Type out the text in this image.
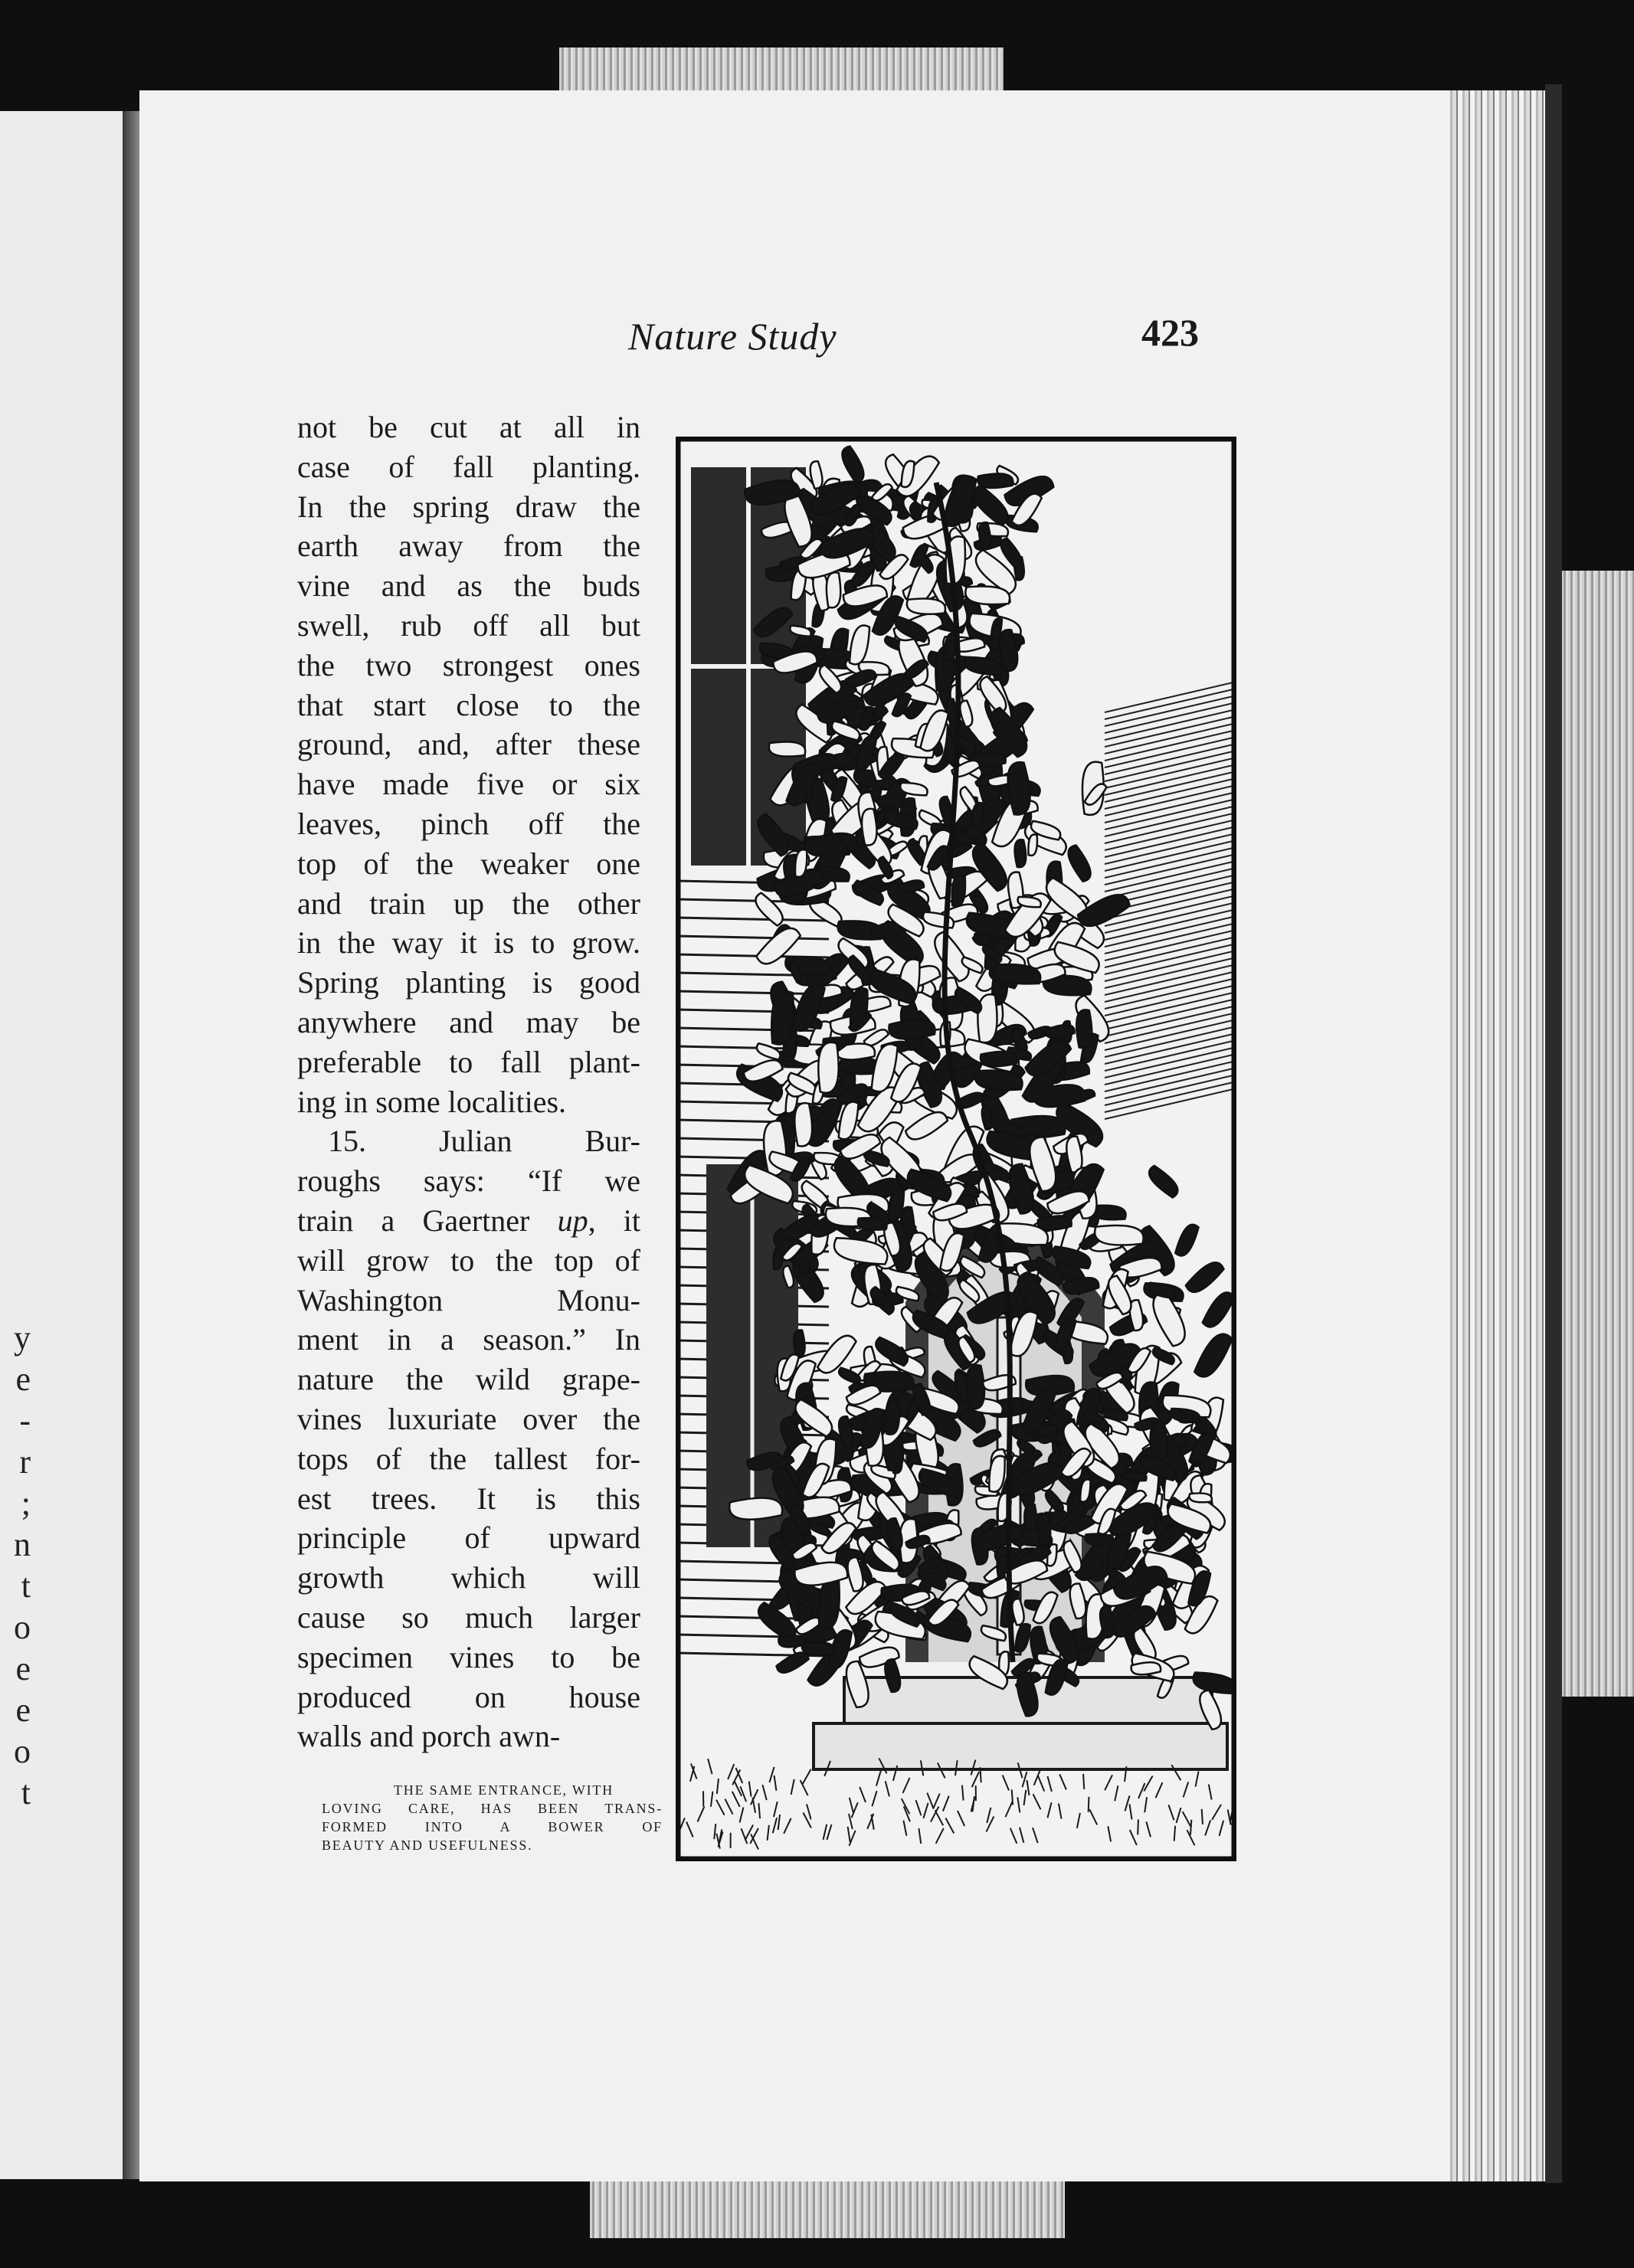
y
e
-
r
;
n
t
o
e
e
o
t
Nature Study	423
not be cut at all in
case of fall planting.
In the spring draw the
earth away from the
vine and as the buds
swell, rub off all but
the two strongest ones
that start close to the
ground, and, after these
have made five or six
leaves, pinch off the
top of the weaker one
and train up the other
in the way it is to grow.
Spring planting is good
anywhere and may be
preferable to fall plant-
ing in some localities.
15. Julian Bur-
roughs says: “If we
train a Gaertner up, it
will grow to the top of
Washington Monu-
ment in a season.” In
nature the wild grape-
vines luxuriate over the
tops of the tallest for-
est trees. It is this
principle of upward
growth which will
cause so much larger
specimen vines to be
produced on house
walls and porch awn-
THE SAME ENTRANCE, WITH
LOVING CARE, HAS BEEN TRANS-
FORMED INTO A BOWER OF
BEAUTY AND USEFULNESS.
